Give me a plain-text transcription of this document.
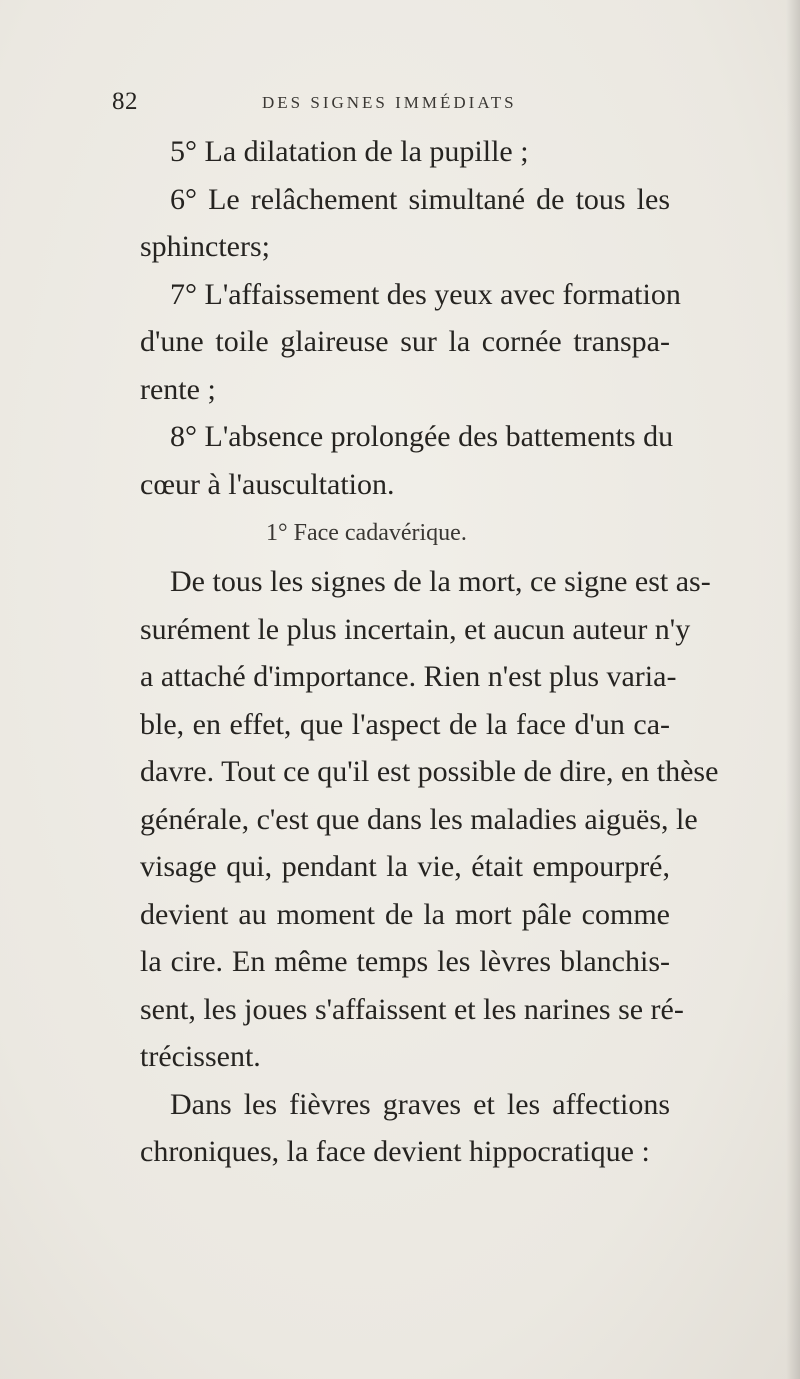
82	DES SIGNES IMMÉDIATS
5° La dilatation de la pupille ;
6° Le relâchement simultané de tous les
sphincters;
7° L'affaissement des yeux avec formation
d'une toile glaireuse sur la cornée transpa-
rente ;
8° L'absence prolongée des battements du
cœur à l'auscultation.
1° Face cadavérique.
De tous les signes de la mort, ce signe est as-
surément le plus incertain, et aucun auteur n'y
a attaché d'importance. Rien n'est plus varia-
ble, en effet, que l'aspect de la face d'un ca-
davre. Tout ce qu'il est possible de dire, en thèse
générale, c'est que dans les maladies aiguës, le
visage qui, pendant la vie, était empourpré,
devient au moment de la mort pâle comme
la cire. En même temps les lèvres blanchis-
sent, les joues s'affaissent et les narines se ré-
trécissent.
Dans les fièvres graves et les affections
chroniques, la face devient hippocratique :
